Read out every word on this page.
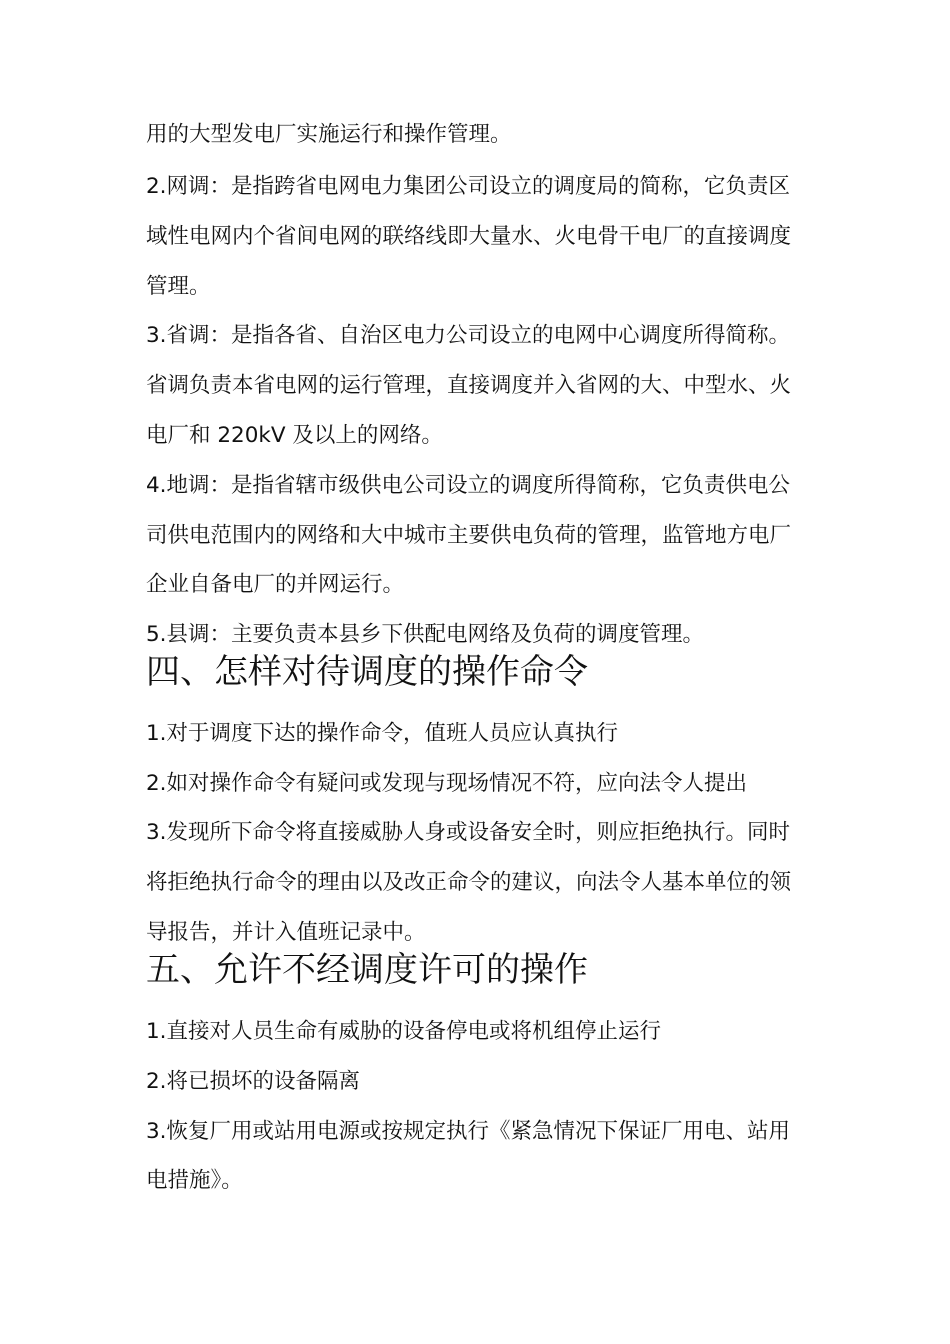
用的大型发电厂实施运行和操作管理。
2.网调：是指跨省电网电力集团公司设立的调度局的简称，它负责区
域性电网内个省间电网的联络线即大量水、火电骨干电厂的直接调度
管理。
3.省调：是指各省、自治区电力公司设立的电网中心调度所得简称。
省调负责本省电网的运行管理，直接调度并入省网的大、中型水、火
电厂和 220kV 及以上的网络。
4.地调：是指省辖市级供电公司设立的调度所得简称，它负责供电公
司供电范围内的网络和大中城市主要供电负荷的管理，监管地方电厂
企业自备电厂的并网运行。
5.县调：主要负责本县乡下供配电网络及负荷的调度管理。
四、怎样对待调度的操作命令
1.对于调度下达的操作命令，值班人员应认真执行
2.如对操作命令有疑问或发现与现场情况不符，应向法令人提出
3.发现所下命令将直接威胁人身或设备安全时，则应拒绝执行。同时
将拒绝执行命令的理由以及改正命令的建议，向法令人基本单位的领
导报告，并计入值班记录中。
五、允许不经调度许可的操作
1.直接对人员生命有威胁的设备停电或将机组停止运行
2.将已损坏的设备隔离
3.恢复厂用或站用电源或按规定执行《紧急情况下保证厂用电、站用
电措施》。
